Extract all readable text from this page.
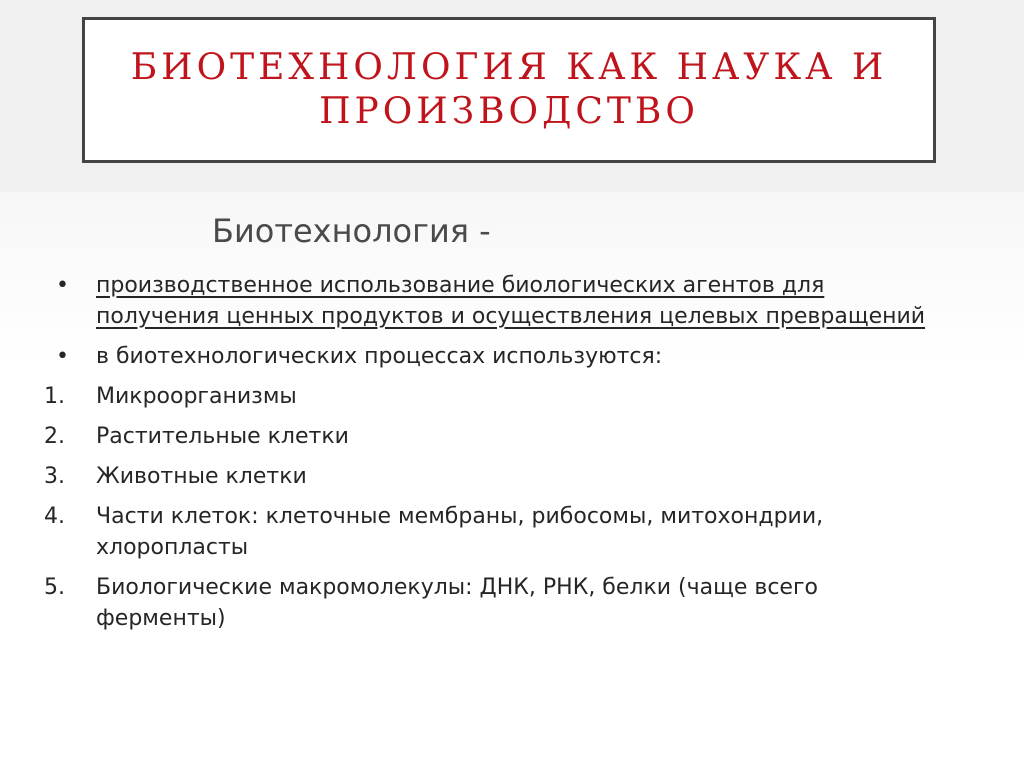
БИОТЕХНОЛОГИЯ КАК НАУКА И ПРОИЗВОДСТВО
Биотехнология -
•	производственное использование биологических агентов для получения ценных продуктов и осуществления целевых превращений
•	в биотехнологических процессах используются:
1.	Микроорганизмы
2.	Растительные клетки
3.	Животные клетки
4.	Части клеток: клеточные мембраны, рибосомы, митохондрии, хлоропласты
5.	Биологические макромолекулы: ДНК, РНК, белки (чаще всего ферменты)
